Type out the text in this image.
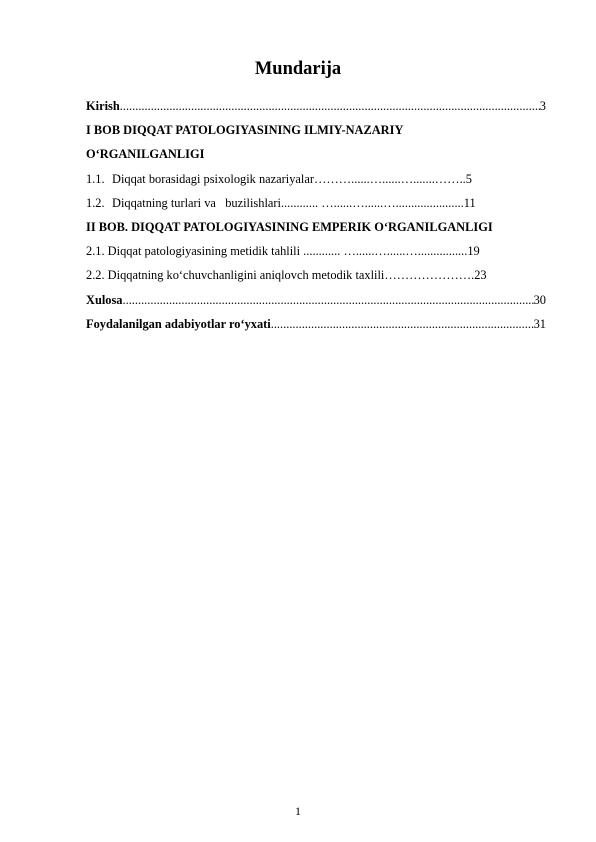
Mundarija
Kirish .....	3
I BOB DIQQAT PATOLOGIYASINING ILMIY-NAZARIY
O‘RGANILGANLIGI
1.1. Diqqat borasidagi psixologik nazariyalar ………......…......….......…….. 5
1.2. Diqqatning turlari va   buzilishlari ............ …......…......…...................... 11
II BOB. DIQQAT PATOLOGIYASINING EMPERIK O‘RGANILGANLIGI
2.1. Diqqat patologiyasining metidik tahlili ............ …......…......…................ 19
2.2. Diqqatning ko‘chuvchanligini aniqlovch metodik taxlili …………………. 23
Xulosa .....	30
Foydalanilgan adabiyotlar ro‘yxati .....	31
1
